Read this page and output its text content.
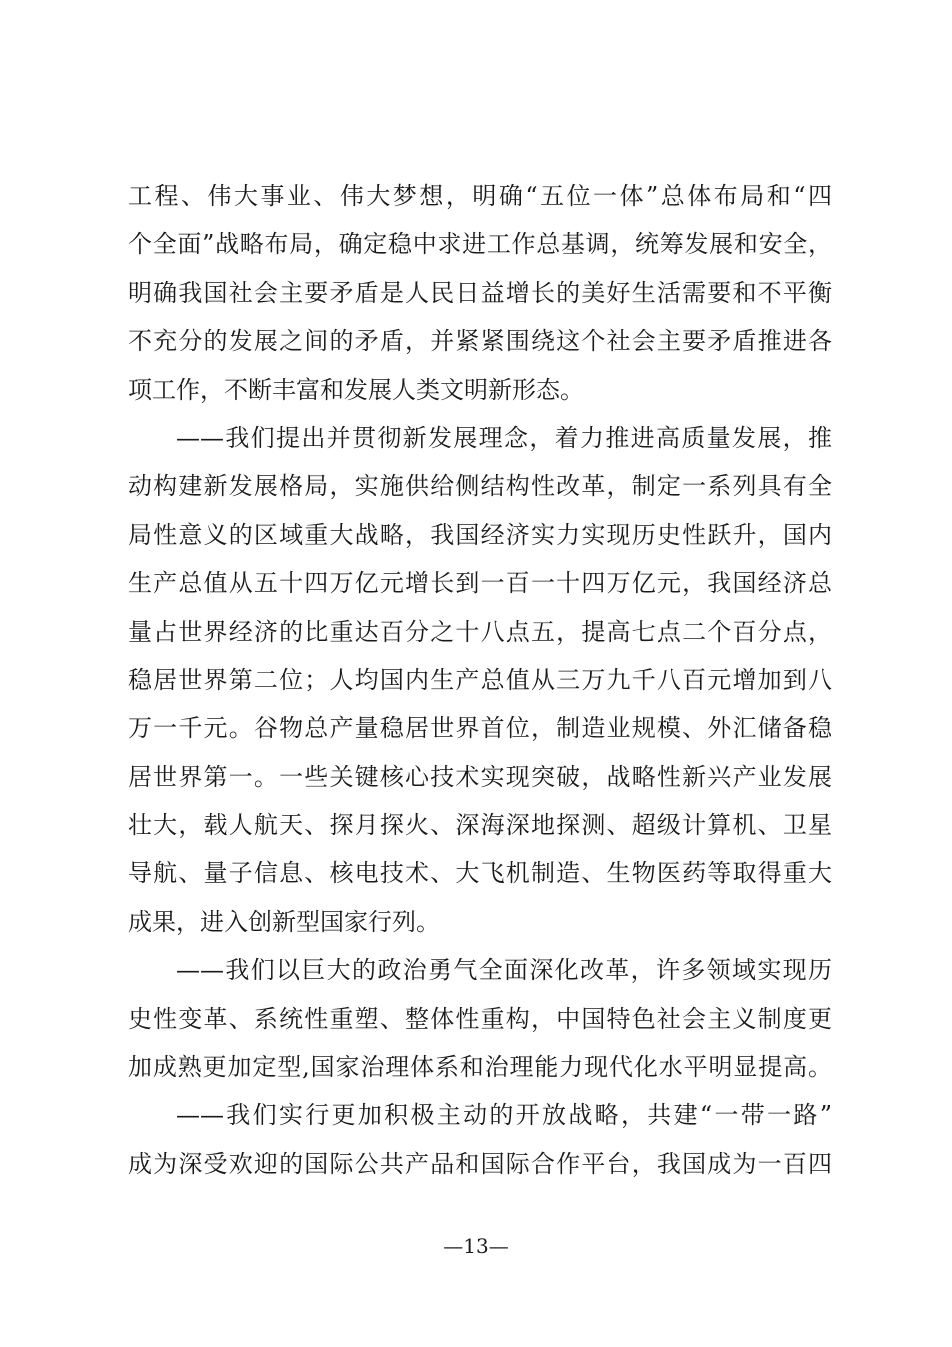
工程、伟大事业、伟大梦想，明确“五位一体”总体布局和“四
个全面”战略布局，确定稳中求进工作总基调，统筹发展和安全，
明确我国社会主要矛盾是人民日益增长的美好生活需要和不平衡
不充分的发展之间的矛盾，并紧紧围绕这个社会主要矛盾推进各
项工作，不断丰富和发展人类文明新形态。
——我们提出并贯彻新发展理念，着力推进高质量发展，推
动构建新发展格局，实施供给侧结构性改革，制定一系列具有全
局性意义的区域重大战略，我国经济实力实现历史性跃升，国内
生产总值从五十四万亿元增长到一百一十四万亿元，我国经济总
量占世界经济的比重达百分之十八点五，提高七点二个百分点，
稳居世界第二位；人均国内生产总值从三万九千八百元增加到八
万一千元。谷物总产量稳居世界首位，制造业规模、外汇储备稳
居世界第一。一些关键核心技术实现突破，战略性新兴产业发展
壮大，载人航天、探月探火、深海深地探测、超级计算机、卫星
导航、量子信息、核电技术、大飞机制造、生物医药等取得重大
成果，进入创新型国家行列。
——我们以巨大的政治勇气全面深化改革，许多领域实现历
史性变革、系统性重塑、整体性重构，中国特色社会主义制度更
加成熟更加定型,国家治理体系和治理能力现代化水平明显提高。
——我们实行更加积极主动的开放战略，共建“一带一路”
成为深受欢迎的国际公共产品和国际合作平台，我国成为一百四
—13—
